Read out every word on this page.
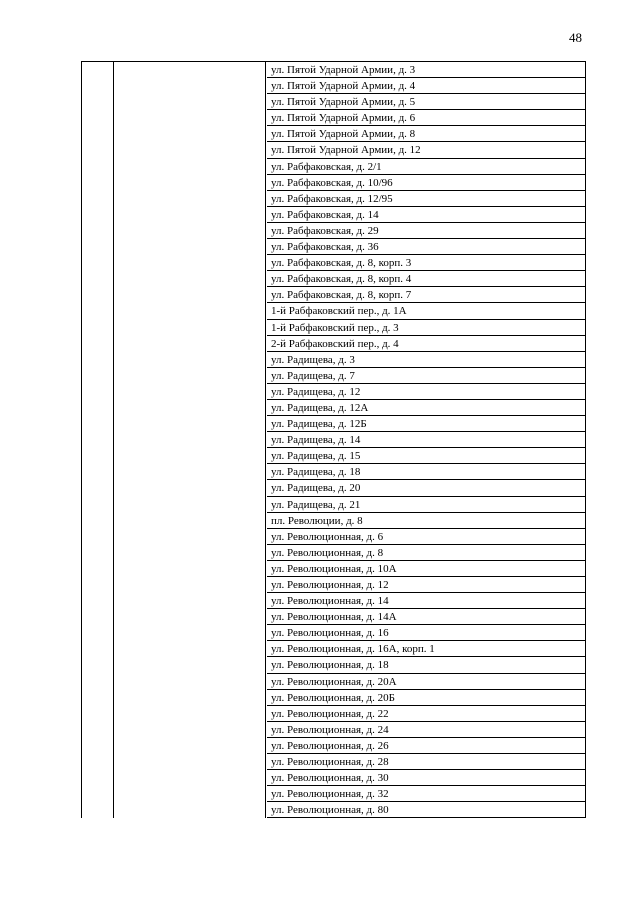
48
ул. Пятой Ударной Армии, д. 3
ул. Пятой Ударной Армии, д. 4
ул. Пятой Ударной Армии, д. 5
ул. Пятой Ударной Армии, д. 6
ул. Пятой Ударной Армии, д. 8
ул. Пятой Ударной Армии, д. 12
ул. Рабфаковская, д. 2/1
ул. Рабфаковская, д. 10/96
ул. Рабфаковская, д. 12/95
ул. Рабфаковская, д. 14
ул. Рабфаковская, д. 29
ул. Рабфаковская, д. 36
ул. Рабфаковская, д. 8, корп. 3
ул. Рабфаковская, д. 8, корп. 4
ул. Рабфаковская, д. 8, корп. 7
1-й Рабфаковский пер., д. 1А
1-й Рабфаковский пер., д. 3
2-й Рабфаковский пер., д. 4
ул. Радищева, д. 3
ул. Радищева, д. 7
ул. Радищева, д. 12
ул. Радищева, д. 12А
ул. Радищева, д. 12Б
ул. Радищева, д. 14
ул. Радищева, д. 15
ул. Радищева, д. 18
ул. Радищева, д. 20
ул. Радищева, д. 21
пл. Революции, д. 8
ул. Революционная, д. 6
ул. Революционная, д. 8
ул. Революционная, д. 10А
ул. Революционная, д. 12
ул. Революционная, д. 14
ул. Революционная, д. 14А
ул. Революционная, д. 16
ул. Революционная, д. 16А, корп. 1
ул. Революционная, д. 18
ул. Революционная, д. 20А
ул. Революционная, д. 20Б
ул. Революционная, д. 22
ул. Революционная, д. 24
ул. Революционная, д. 26
ул. Революционная, д. 28
ул. Революционная, д. 30
ул. Революционная, д. 32
ул. Революционная, д. 80
